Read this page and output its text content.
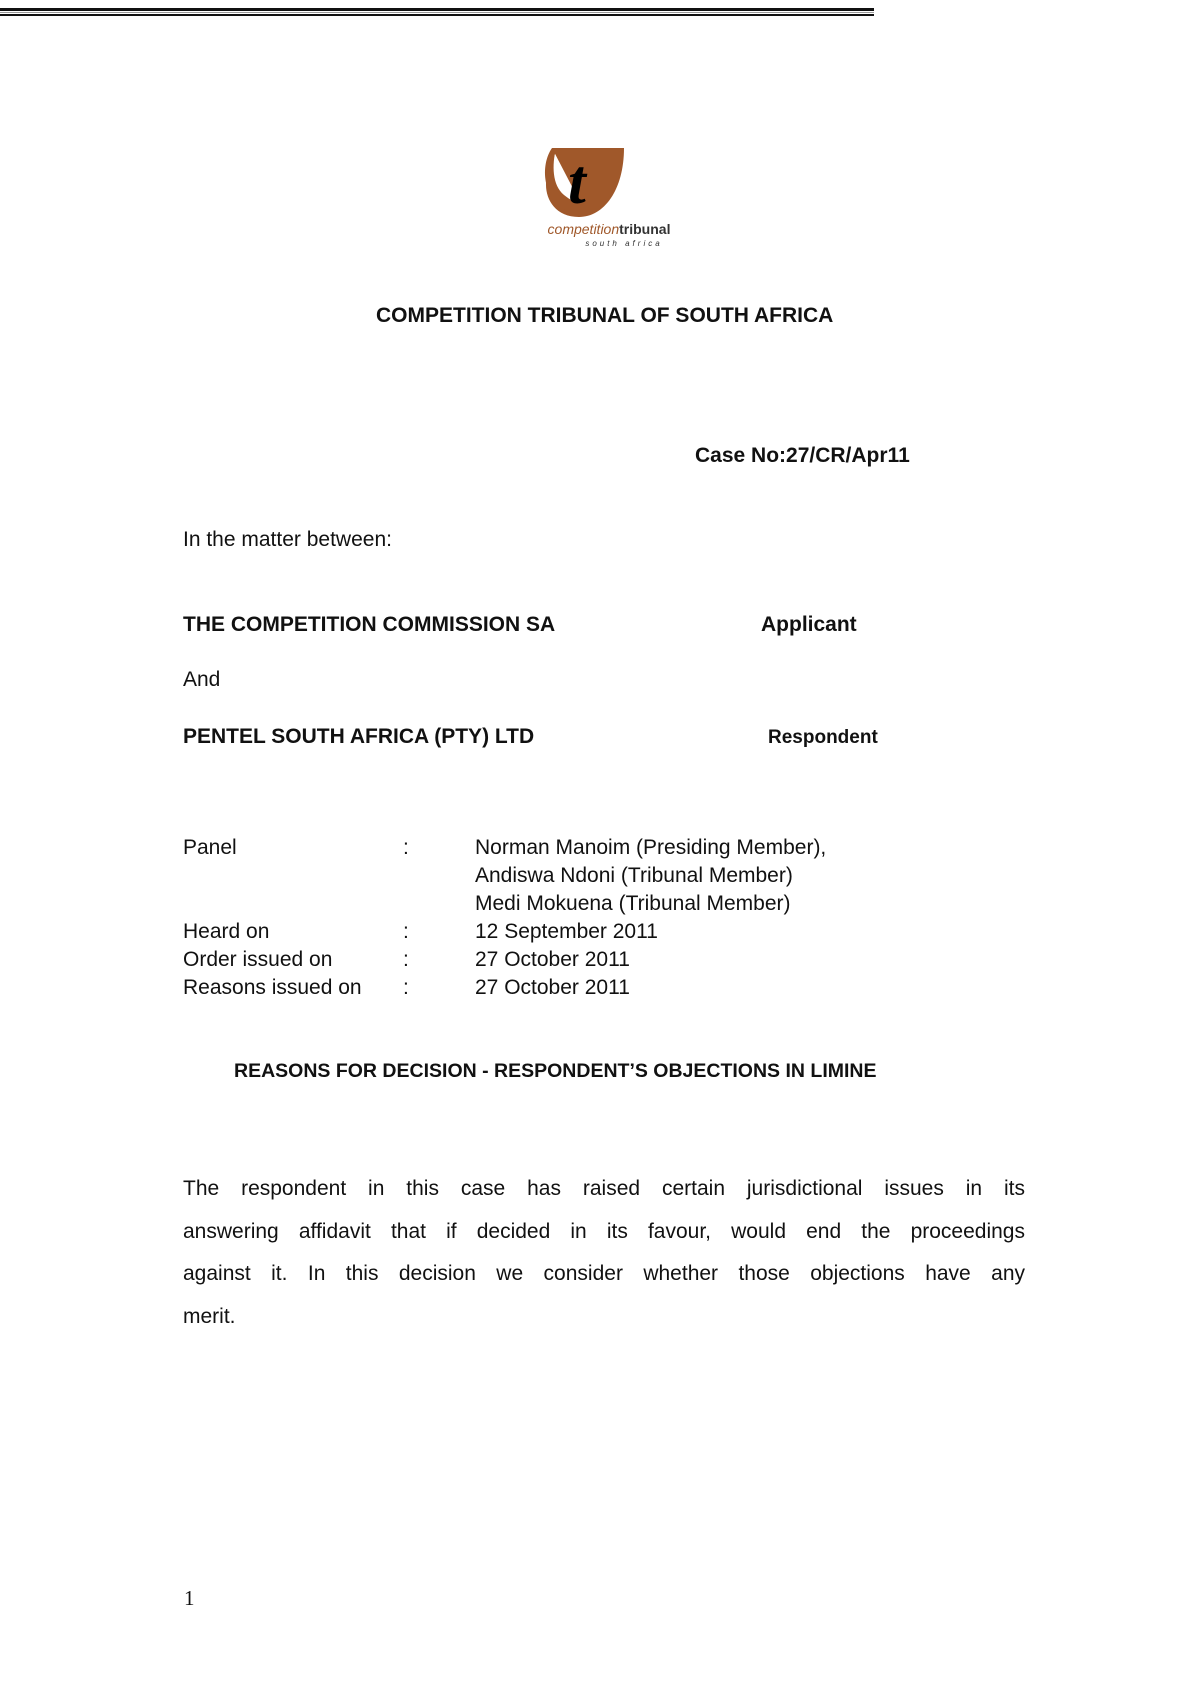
t
competitiontribunal
south africa
COMPETITION TRIBUNAL OF SOUTH AFRICA
Case No:27/CR/Apr11
In the matter between:
THE COMPETITION COMMISSION SA	Applicant
And
PENTEL SOUTH AFRICA (PTY) LTD	Respondent
Panel	:	Norman Manoim (Presiding Member),
Andiswa Ndoni (Tribunal Member)
Medi Mokuena (Tribunal Member)
Heard on	:	12 September 2011
Order issued on	:	27 October 2011
Reasons issued on :	27 October 2011
REASONS FOR DECISION - RESPONDENT’S OBJECTIONS IN LIMINE
The respondent in this case has raised certain jurisdictional issues in its
answering affidavit that if decided in its favour, would end the proceedings
against it. In this decision we consider whether those objections have any
merit.
1
